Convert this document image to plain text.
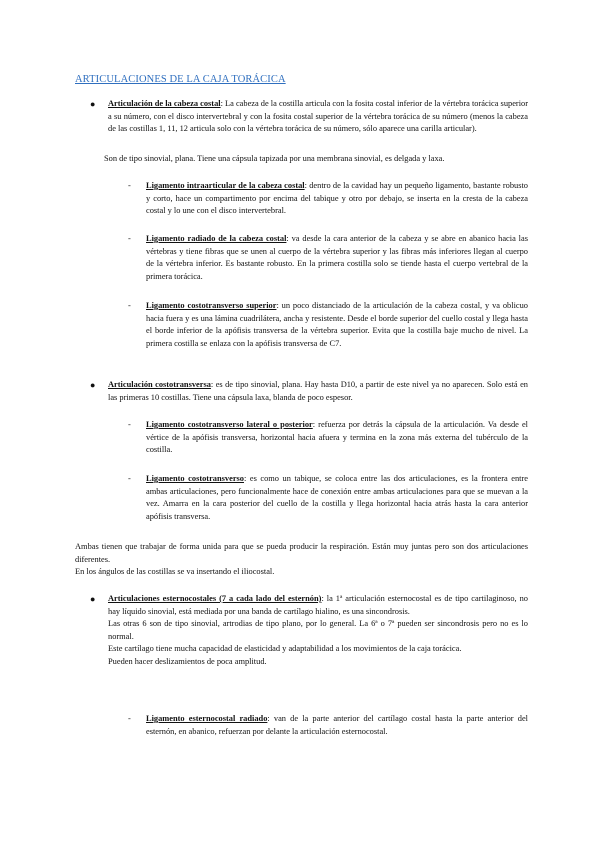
ARTICULACIONES DE LA CAJA TORÁCICA
● Articulación de la cabeza costal: La cabeza de la costilla articula con la fosita costal inferior de la vértebra torácica superior a su número, con el disco intervertebral y con la fosita costal superior de la vértebra torácica de su número (menos la cabeza de las costillas 1, 11, 12 articula solo con la vértebra torácica de su número, sólo aparece una carilla articular).

Son de tipo sinovial, plana. Tiene una cápsula tapizada por una membrana sinovial, es delgada y laxa.

- Ligamento intraarticular de la cabeza costal: dentro de la cavidad hay un pequeño ligamento, bastante robusto y corto, hace un compartimento por encima del tabique y otro por debajo, se inserta en la cresta de la cabeza costal y lo une con el disco intervertebral.

- Ligamento radiado de la cabeza costal: va desde la cara anterior de la cabeza y se abre en abanico hacia las vértebras y tiene fibras que se unen al cuerpo de la vértebra superior y las fibras más inferiores llegan al cuerpo de la vértebra inferior. Es bastante robusto. En la primera costilla solo se tiende hasta el cuerpo vertebral de la primera torácica.

- Ligamento costotransverso superior: un poco distanciado de la articulación de la cabeza costal, y va oblicuo hacia fuera y es una lámina cuadrilátera, ancha y resistente. Desde el borde superior del cuello costal y llega hasta el borde inferior de la apófisis transversa de la vértebra superior. Evita que la costilla baje mucho de nivel. La primera costilla se enlaza con la apófisis transversa de C7.

● Articulación costotransversa: es de tipo sinovial, plana. Hay hasta D10, a partir de este nivel ya no aparecen. Solo está en las primeras 10 costillas. Tiene una cápsula laxa, blanda de poco espesor.

- Ligamento costotransverso lateral o posterior: refuerza por detrás la cápsula de la articulación. Va desde el vértice de la apófisis transversa, horizontal hacia afuera y termina en la zona más externa del tubérculo de la costilla.

- Ligamento costotransverso: es como un tabique, se coloca entre las dos articulaciones, es la frontera entre ambas articulaciones, pero funcionalmente hace de conexión entre ambas articulaciones para que se muevan a la vez. Amarra en la cara posterior del cuello de la costilla y llega horizontal hacia atrás hasta la cara anterior apófisis transversa.

Ambas tienen que trabajar de forma unida para que se pueda producir la respiración. Están muy juntas pero son dos articulaciones diferentes.

En los ángulos de las costillas se va insertando el iliocostal.

● Articulaciones esternocostales (7 a cada lado del esternón): la 1ª articulación esternocostal es de tipo cartilaginoso, no hay líquido sinovial, está mediada por una banda de cartílago hialino, es una sincondrosis.

Las otras 6 son de tipo sinovial, artrodias de tipo plano, por lo general. La 6ª o 7ª pueden ser sincondrosis pero no es lo normal.

Este cartílago tiene mucha capacidad de elasticidad y adaptabilidad a los movimientos de la caja torácica.

Pueden hacer deslizamientos de poca amplitud.

- Ligamento esternocostal radiado: van de la parte anterior del cartílago costal hasta la parte anterior del esternón, en abanico, refuerzan por delante la articulación esternocostal.
